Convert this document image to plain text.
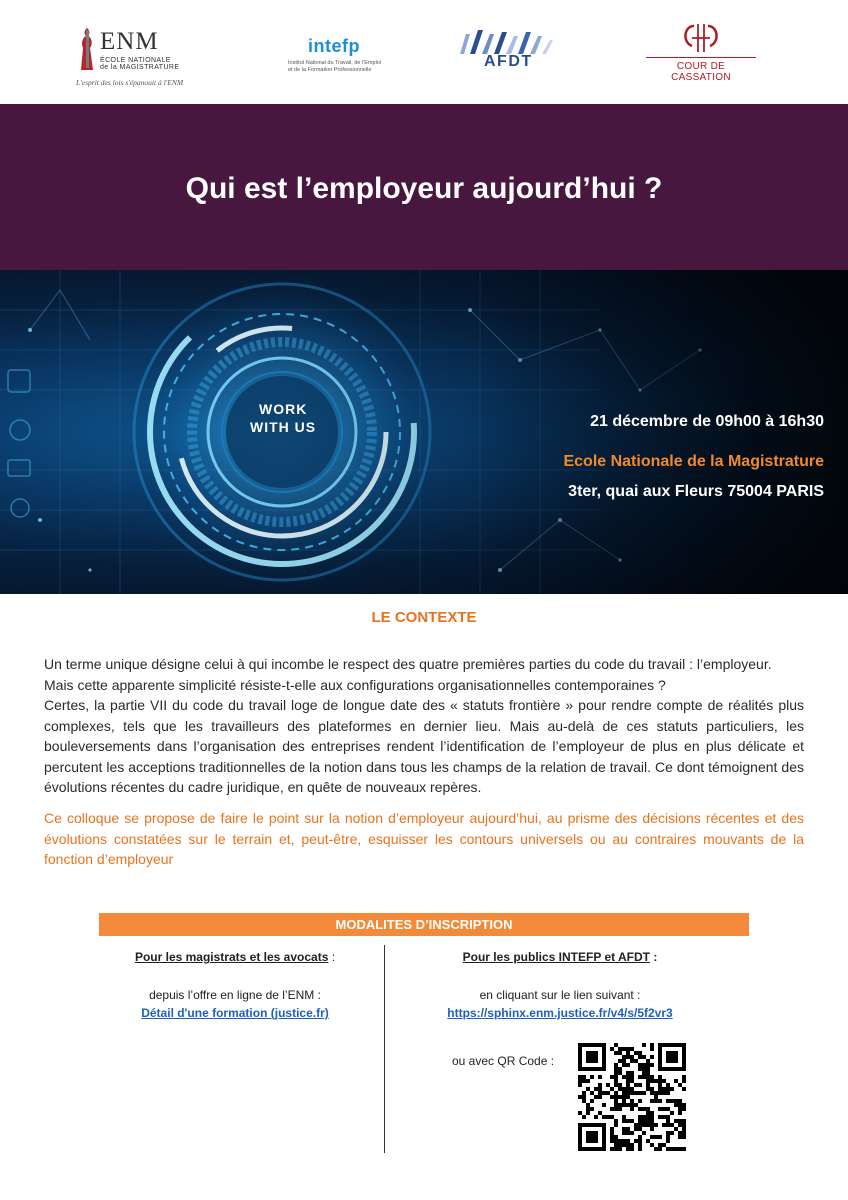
ENM
ÉCOLE NATIONALE
de la MAGISTRATURE
L'esprit des lois s'épanouit à l'ENM
intefp
Institut National du Travail, de l'Emploi
et de la Formation Professionnelle	AFDT	COUR DE CASSATION
Qui est l’employeur aujourd’hui ?
WORK
WITH US	21 décembre de 09h00 à 16h30
Ecole Nationale de la Magistrature
3ter, quai aux Fleurs 75004 PARIS
LE CONTEXTE
Un terme unique désigne celui à qui incombe le respect des quatre premières parties du code du travail : l’employeur.
Mais cette apparente simplicité résiste-t-elle aux configurations organisationnelles contemporaines ?

Certes, la partie VII du code du travail loge de longue date des « statuts frontière » pour rendre compte de réalités plus complexes, tels que les travailleurs des plateformes en dernier lieu. Mais au-delà de ces statuts particuliers, les bouleversements dans l’organisation des entreprises rendent l’identification de l’employeur de plus en plus délicate et percutent les acceptions traditionnelles de la notion dans tous les champs de la relation de travail. Ce dont témoignent des évolutions récentes du cadre juridique, en quête de nouveaux repères.

Ce colloque se propose de faire le point sur la notion d’employeur aujourd’hui, au prisme des décisions récentes et des évolutions constatées sur le terrain et, peut-être, esquisser les contours universels ou au contraires mouvants de la fonction d’employeur

MODALITES D’INSCRIPTION
Pour les magistrats et les avocats :
depuis l’offre en ligne de l’ENM :
Détail d'une formation (justice.fr)
Pour les publics INTEFP et AFDT :
en cliquant sur le lien suivant :
https://sphinx.enm.justice.fr/v4/s/5f2vr3
ou avec QR Code :
